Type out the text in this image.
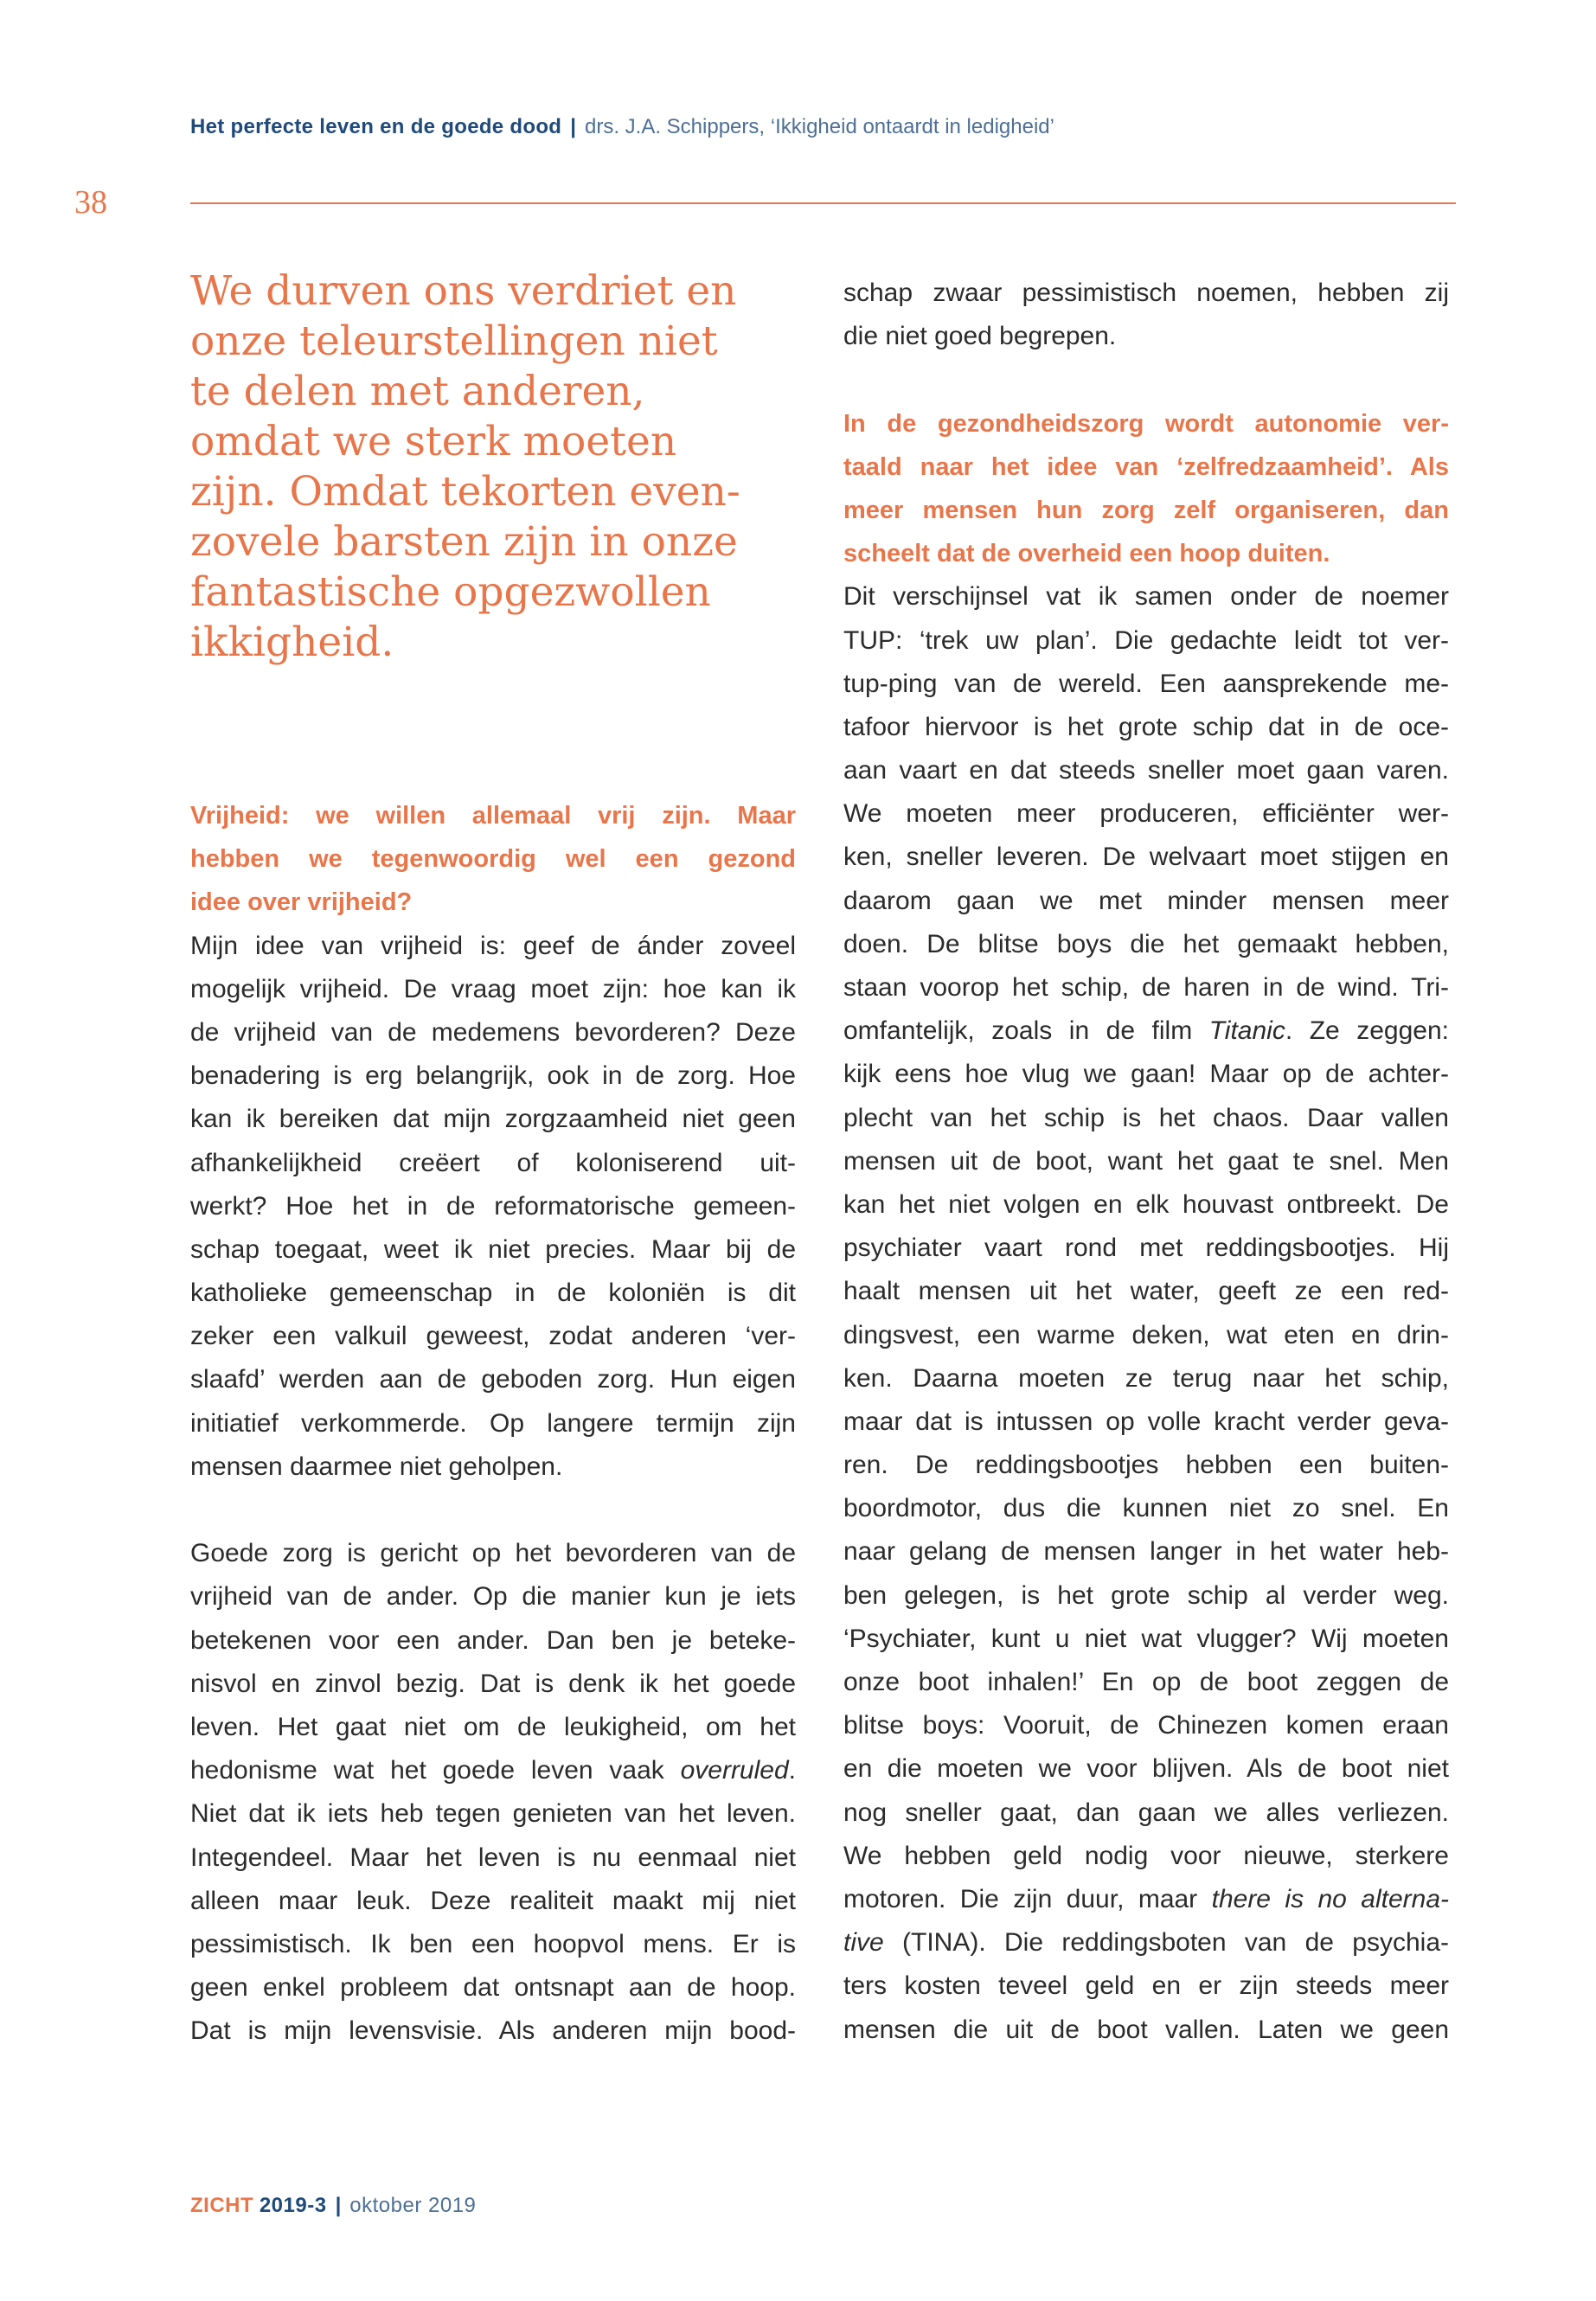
Het perfecte leven en de goede dood | drs. J.A. Schippers, ‘Ikkigheid ontaardt in ledigheid’
38
We durven ons verdriet en
onze teleurstellingen niet
te delen met anderen,
omdat we sterk moeten
zijn. Omdat tekorten even-
zovele barsten zijn in onze
fantastische opgezwollen
ikkigheid.

Vrijheid: we willen allemaal vrij zijn. Maar
hebben we tegenwoordig wel een gezond
idee over vrijheid?

Mijn idee van vrijheid is: geef de ánder zoveel
mogelijk vrijheid. De vraag moet zijn: hoe kan ik
de vrijheid van de medemens bevorderen? Deze
benadering is erg belangrijk, ook in de zorg. Hoe
kan ik bereiken dat mijn zorgzaamheid niet geen
afhankelijkheid creëert of koloniserend uit-
werkt? Hoe het in de reformatorische gemeen-
schap toegaat, weet ik niet precies. Maar bij de
katholieke gemeenschap in de koloniën is dit
zeker een valkuil geweest, zodat anderen ‘ver-
slaafd’ werden aan de geboden zorg. Hun eigen
initiatief verkommerde. Op langere termijn zijn
mensen daarmee niet geholpen.

Goede zorg is gericht op het bevorderen van de
vrijheid van de ander. Op die manier kun je iets
betekenen voor een ander. Dan ben je beteke-
nisvol en zinvol bezig. Dat is denk ik het goede
leven. Het gaat niet om de leukigheid, om het
hedonisme wat het goede leven vaak overruled.
Niet dat ik iets heb tegen genieten van het leven.
Integendeel. Maar het leven is nu eenmaal niet
alleen maar leuk. Deze realiteit maakt mij niet
pessimistisch. Ik ben een hoopvol mens. Er is
geen enkel probleem dat ontsnapt aan de hoop.
Dat is mijn levensvisie. Als anderen mijn bood-

schap zwaar pessimistisch noemen, hebben zij
die niet goed begrepen.

In de gezondheidszorg wordt autonomie ver-
taald naar het idee van ‘zelfredzaamheid’. Als
meer mensen hun zorg zelf organiseren, dan
scheelt dat de overheid een hoop duiten.

Dit verschijnsel vat ik samen onder de noemer
TUP: ‘trek uw plan’. Die gedachte leidt tot ver-
tup-ping van de wereld. Een aansprekende me-
tafoor hiervoor is het grote schip dat in de oce-
aan vaart en dat steeds sneller moet gaan varen.
We moeten meer produceren, efficiënter wer-
ken, sneller leveren. De welvaart moet stijgen en
daarom gaan we met minder mensen meer
doen. De blitse boys die het gemaakt hebben,
staan voorop het schip, de haren in de wind. Tri-
omfantelijk, zoals in de film Titanic. Ze zeggen:
kijk eens hoe vlug we gaan! Maar op de achter-
plecht van het schip is het chaos. Daar vallen
mensen uit de boot, want het gaat te snel. Men
kan het niet volgen en elk houvast ontbreekt. De
psychiater vaart rond met reddingsbootjes. Hij
haalt mensen uit het water, geeft ze een red-
dingsvest, een warme deken, wat eten en drin-
ken. Daarna moeten ze terug naar het schip,
maar dat is intussen op volle kracht verder geva-
ren. De reddingsbootjes hebben een buiten-
boordmotor, dus die kunnen niet zo snel. En
naar gelang de mensen langer in het water heb-
ben gelegen, is het grote schip al verder weg.
‘Psychiater, kunt u niet wat vlugger? Wij moeten
onze boot inhalen!’ En op de boot zeggen de
blitse boys: Vooruit, de Chinezen komen eraan
en die moeten we voor blijven. Als de boot niet
nog sneller gaat, dan gaan we alles verliezen.
We hebben geld nodig voor nieuwe, sterkere
motoren. Die zijn duur, maar there is no alterna-
tive (TINA). Die reddingsboten van de psychia-
ters kosten teveel geld en er zijn steeds meer
mensen die uit de boot vallen. Laten we geen

ZICHT 2019-3 | oktober 2019
